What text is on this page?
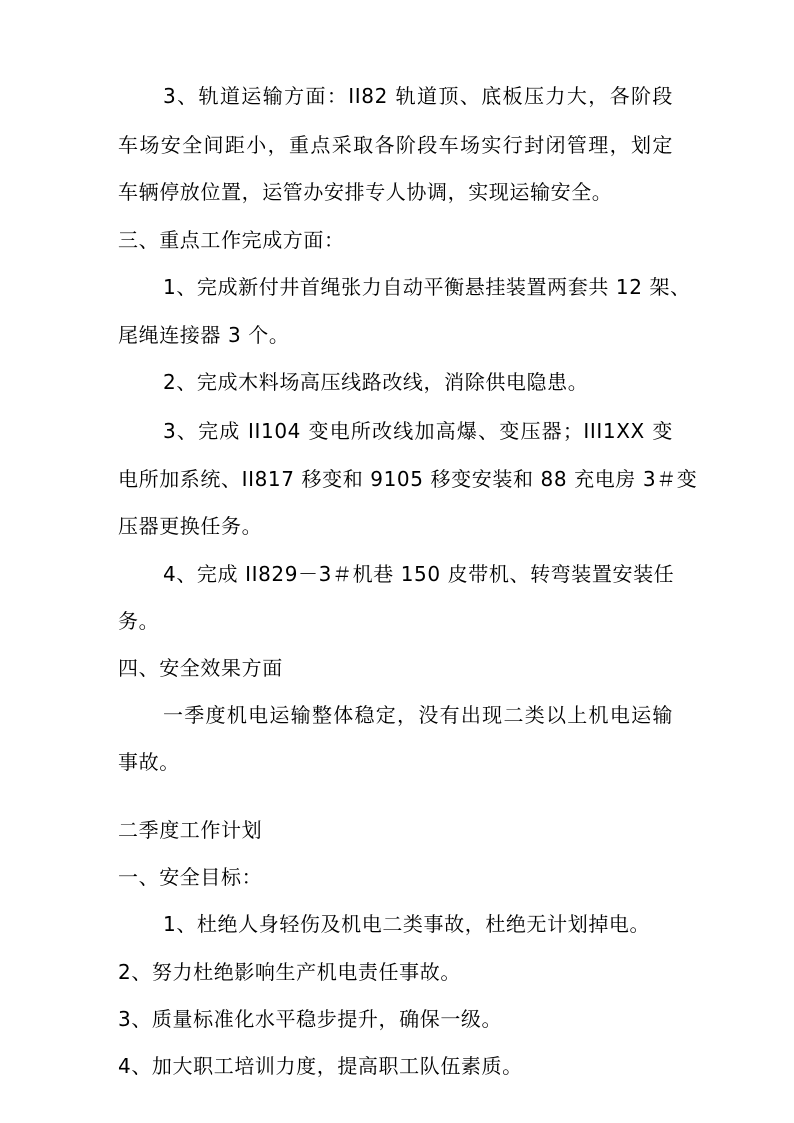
3、轨道运输方面：II82 轨道顶、底板压力大，各阶段
车场安全间距小，重点采取各阶段车场实行封闭管理，划定
车辆停放位置，运管办安排专人协调，实现运输安全。
三、重点工作完成方面：
1、完成新付井首绳张力自动平衡悬挂装置两套共 12 架、
尾绳连接器 3 个。
2、完成木料场高压线路改线，消除供电隐患。
3、完成 II104 变电所改线加高爆、变压器；III1XX 变
电所加系统、II817 移变和 9105 移变安装和 88 充电房 3＃变
压器更换任务。
4、完成 II829－3＃机巷 150 皮带机、转弯装置安装任
务。
四、安全效果方面
一季度机电运输整体稳定，没有出现二类以上机电运输
事故。
二季度工作计划
一、安全目标：
1、杜绝人身轻伤及机电二类事故，杜绝无计划掉电。
2、努力杜绝影响生产机电责任事故。
3、质量标准化水平稳步提升，确保一级。
4、加大职工培训力度，提高职工队伍素质。
